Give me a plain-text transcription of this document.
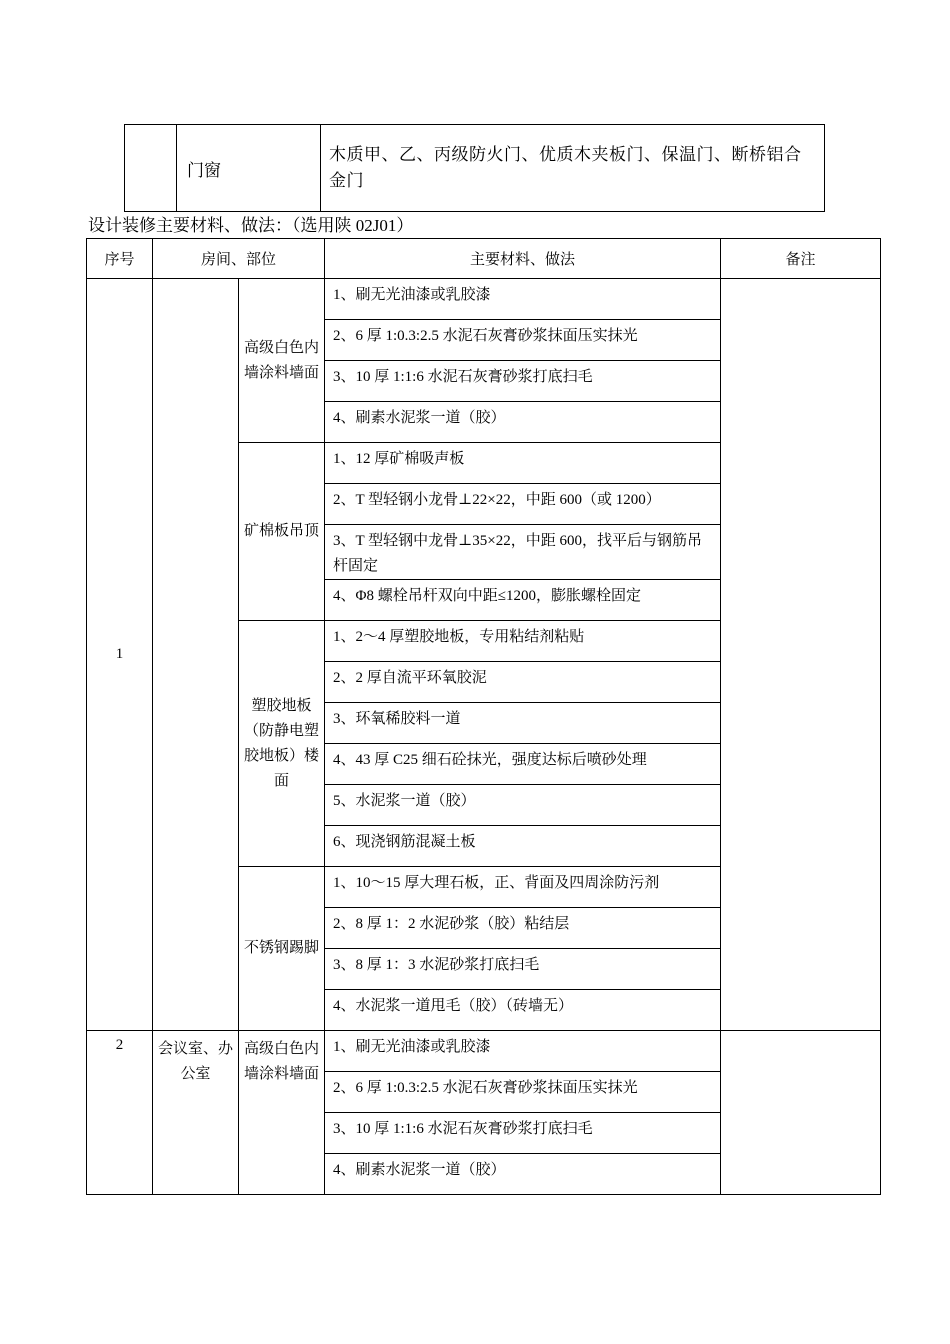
	门窗	木质甲、乙、丙级防火门、优质木夹板门、保温门、断桥铝合金门
设计装修主要材料、做法：（选用陕 02J01）
序号	房间、部位		主要材料、做法	备注
1		高级白色内墙涂料墙面	1、刷无光油漆或乳胶漆	
			2、6 厚 1:0.3:2.5 水泥石灰膏砂浆抹面压实抹光	
			3、10 厚 1:1:6 水泥石灰膏砂浆打底扫毛	
			4、刷素水泥浆一道（胶）	
		矿棉板吊顶	1、12 厚矿棉吸声板	
			2、T 型轻钢小龙骨⊥22×22，中距 600（或 1200）	
			3、T 型轻钢中龙骨⊥35×22，中距 600，找平后与钢筋吊杆固定	
			4、Φ8 螺栓吊杆双向中距≤1200，膨胀螺栓固定	
		塑胶地板（防静电塑胶地板）楼面	1、2～4 厚塑胶地板，专用粘结剂粘贴	
			2、2 厚自流平环氧胶泥	
			3、环氧稀胶料一道	
			4、43 厚 C25 细石砼抹光，强度达标后喷砂处理	
			5、水泥浆一道（胶）	
			6、现浇钢筋混凝土板	
		不锈钢踢脚	1、10～15 厚大理石板，正、背面及四周涂防污剂	
			2、8 厚 1：2 水泥砂浆（胶）粘结层	
			3、8 厚 1：3 水泥砂浆打底扫毛	
			4、水泥浆一道甩毛（胶）（砖墙无）	
2	会议室、办公室	高级白色内墙涂料墙面	1、刷无光油漆或乳胶漆	
			2、6 厚 1:0.3:2.5 水泥石灰膏砂浆抹面压实抹光	
			3、10 厚 1:1:6 水泥石灰膏砂浆打底扫毛	
			4、刷素水泥浆一道（胶）	
